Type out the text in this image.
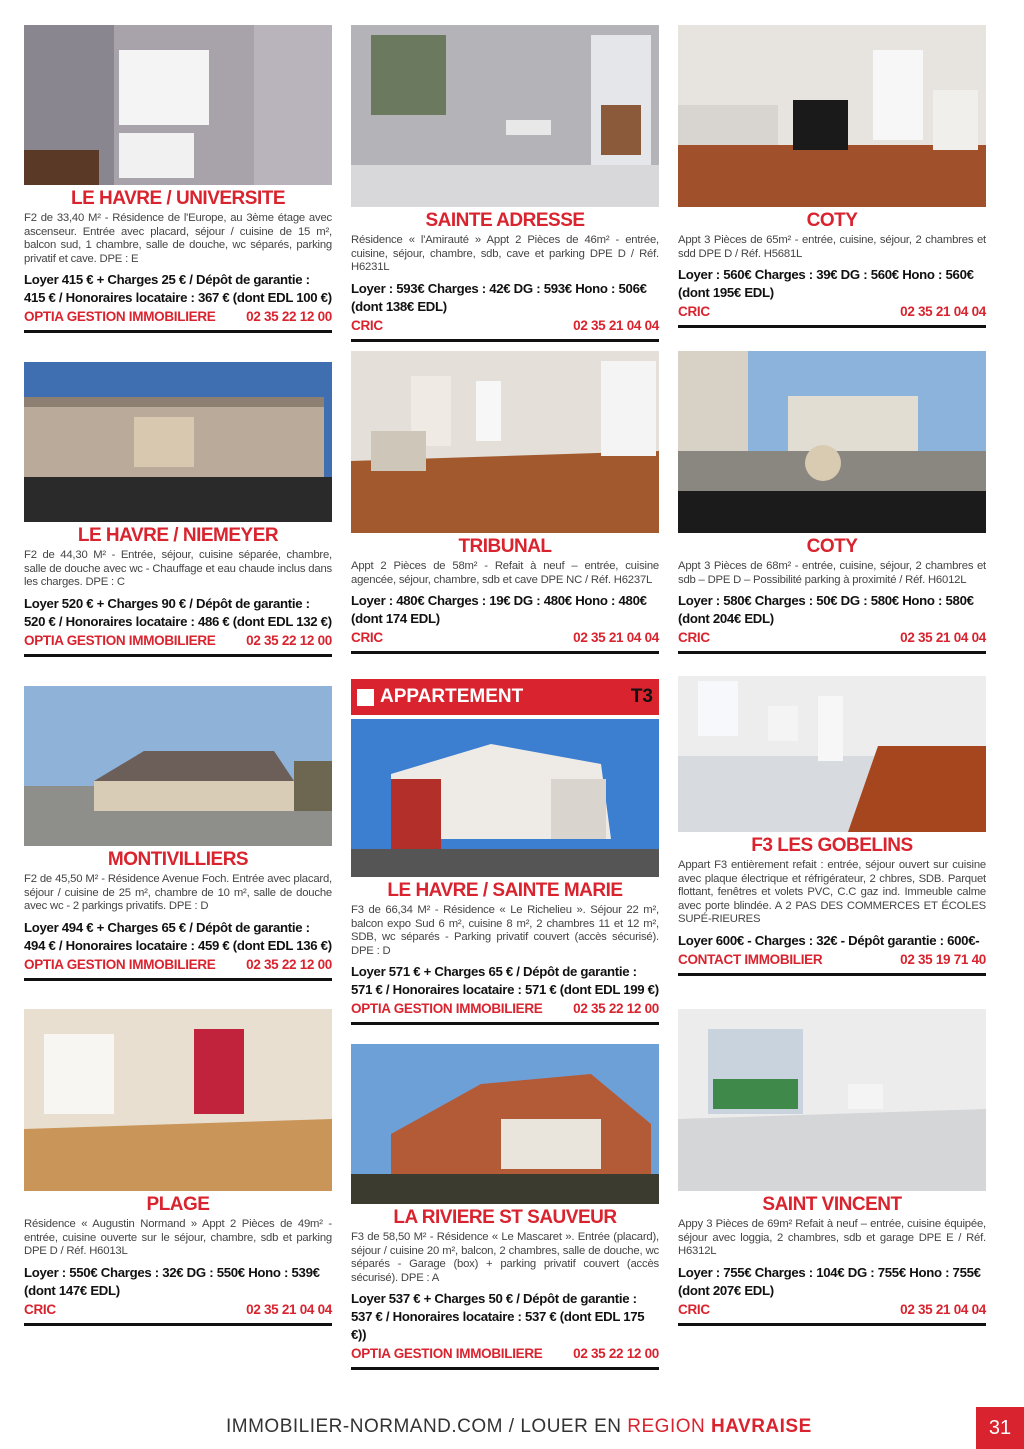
LE HAVRE / UNIVERSITE
F2 de 33,40 M² - Résidence de l'Europe, au 3ème étage avec ascenseur. Entrée avec placard, séjour / cuisine de 15 m², balcon sud, 1 chambre, salle de douche, wc séparés, parking privatif et cave. DPE : E
Loyer 415 € + Charges 25 € / Dépôt de garantie : 415 € / Honoraires locataire : 367 € (dont EDL 100 €)
OPTIA GESTION IMMOBILIERE 02 35 22 12 00
SAINTE ADRESSE
Résidence « l'Amirauté » Appt 2 Pièces de 46m² - entrée, cuisine, séjour, chambre, sdb, cave et parking DPE D / Réf. H6231L
Loyer : 593€ Charges : 42€ DG : 593€ Hono : 506€ (dont 138€ EDL)
CRIC	02 35 21 04 04
COTY
Appt 3 Pièces de 65m² - entrée, cuisine, séjour, 2 chambres et sdd DPE D / Réf. H5681L
Loyer : 560€ Charges : 39€ DG : 560€ Hono : 560€ (dont 195€ EDL)
CRIC	02 35 21 04 04
LE HAVRE / NIEMEYER
F2 de 44,30 M² - Entrée, séjour, cuisine séparée, chambre, salle de douche avec wc - Chauffage et eau chaude inclus dans les charges. DPE : C
Loyer 520 € + Charges 90 € / Dépôt de garantie : 520 € / Honoraires locataire : 486 € (dont EDL 132 €)
OPTIA GESTION IMMOBILIERE 02 35 22 12 00
TRIBUNAL
Appt 2 Pièces de 58m² - Refait à neuf – entrée, cuisine agencée, séjour, chambre, sdb et cave DPE NC / Réf. H6237L
Loyer : 480€ Charges : 19€ DG : 480€ Hono : 480€ (dont 174 EDL)
CRIC	02 35 21 04 04
COTY
Appt 3 Pièces de 68m² - entrée, cuisine, séjour, 2 chambres et sdb – DPE D – Possibilité parking à proximité / Réf. H6012L
Loyer : 580€ Charges : 50€ DG : 580€ Hono : 580€ (dont 204€ EDL)
CRIC	02 35 21 04 04
MONTIVILLIERS
F2 de 45,50 M² - Résidence Avenue Foch. Entrée avec placard, séjour / cuisine de 25 m², chambre de 10 m², salle de douche avec wc - 2 parkings privatifs. DPE : D
Loyer 494 € + Charges 65 € / Dépôt de garantie : 494 € / Honoraires locataire : 459 € (dont EDL 136 €)
OPTIA GESTION IMMOBILIERE 02 35 22 12 00
APPARTEMENT	T3
LE HAVRE / SAINTE MARIE
F3 de 66,34 M² - Résidence « Le Richelieu ». Séjour 22 m², balcon expo Sud 6 m², cuisine 8 m², 2 chambres 11 et 12 m², SDB, wc séparés - Parking privatif couvert (accès sécurisé). DPE : D
Loyer 571 € + Charges 65 € / Dépôt de garantie : 571 € / Honoraires locataire : 571 € (dont EDL 199 €)
OPTIA GESTION IMMOBILIERE 02 35 22 12 00
F3 LES GOBELINS
Appart F3 entièrement refait : entrée, séjour ouvert sur cuisine avec plaque électrique et réfrigérateur, 2 chbres, SDB. Parquet flottant, fenêtres et volets PVC, C.C gaz ind. Immeuble calme avec porte blindée. A 2 PAS DES COMMERCES ET ÉCOLES SUPÉ-RIEURES
Loyer 600€ - Charges : 32€ - Dépôt garantie : 600€-
CONTACT IMMOBILIER	02 35 19 71 40
PLAGE
Résidence « Augustin Normand » Appt 2 Pièces de 49m² - entrée, cuisine ouverte sur le séjour, chambre, sdb et parking DPE D / Réf. H6013L
Loyer : 550€ Charges : 32€ DG : 550€ Hono : 539€ (dont 147€ EDL)
CRIC	02 35 21 04 04
LA RIVIERE ST SAUVEUR
F3 de 58,50 M² - Résidence « Le Mascaret ». Entrée (placard), séjour / cuisine 20 m², balcon, 2 chambres, salle de douche, wc séparés - Garage (box) + parking privatif couvert (accès sécurisé). DPE : A
Loyer 537 € + Charges 50 € / Dépôt de garantie : 537 € / Honoraires locataire : 537 € (dont EDL 175 €))
OPTIA GESTION IMMOBILIERE 02 35 22 12 00
SAINT VINCENT
Appy 3 Pièces de 69m² Refait à neuf – entrée, cuisine équipée, séjour avec loggia, 2 chambres, sdb et garage DPE E / Réf. H6312L
Loyer : 755€ Charges : 104€ DG : 755€ Hono : 755€ (dont 207€ EDL)
CRIC	02 35 21 04 04
IMMOBILIER-NORMAND.COM / LOUER EN REGION HAVRAISE	31
